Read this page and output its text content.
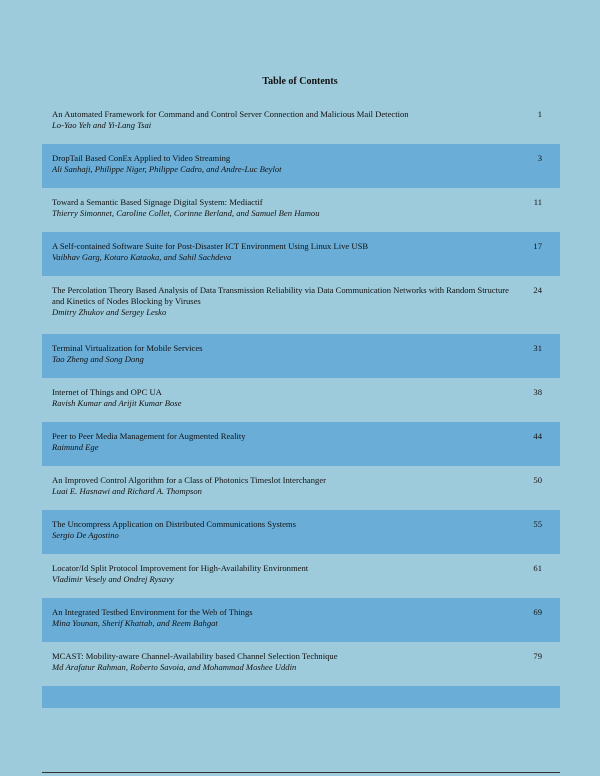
Table of Contents
An Automated Framework for Command and Control Server Connection and Malicious Mail Detection
Lo-Yao Yeh and Yi-Lang Tsai
1
DropTail Based ConEx Applied to Video Streaming
Ali Sanhaji, Philippe Niger, Philippe Cadro, and Andre-Luc Beylot
3
Toward a Semantic Based Signage Digital System: Mediactif
Thierry Simonnet, Caroline Collet, Corinne Berland, and Samuel Ben Hamou
11
A Self-contained Software Suite for Post-Disaster ICT Environment Using Linux Live USB
Vaibhav Garg, Kotaro Kataoka, and Sahil Sachdeva
17
The Percolation Theory Based Analysis of Data Transmission Reliability via Data Communication Networks with Random Structure and Kinetics of Nodes Blocking by Viruses
Dmitry Zhukov and Sergey Lesko
24
Terminal Virtualization for Mobile Services
Tao Zheng and Song Dong
31
Internet of Things and OPC UA
Ravish Kumar and Arijit Kumar Bose
38
Peer to Peer Media Management for Augmented Reality
Raimund Ege
44
An Improved Control Algorithm for a Class of Photonics Timeslot Interchanger
Luai E. Hasnawi and Richard A. Thompson
50
The Uncompress Application on Distributed Communications Systems
Sergio De Agostino
55
Locator/Id Split Protocol Improvement for High-Availability Environment
Vladimir Vesely and Ondrej Rysavy
61
An Integrated Testbed Environment for the Web of Things
Mina Younan, Sherif Khattab, and Reem Bahgat
69
MCAST: Mobility-aware Channel-Availability based Channel Selection Technique
Md Arafatur Rahman, Roberto Savoia, and Mohammad Moshee Uddin
79
